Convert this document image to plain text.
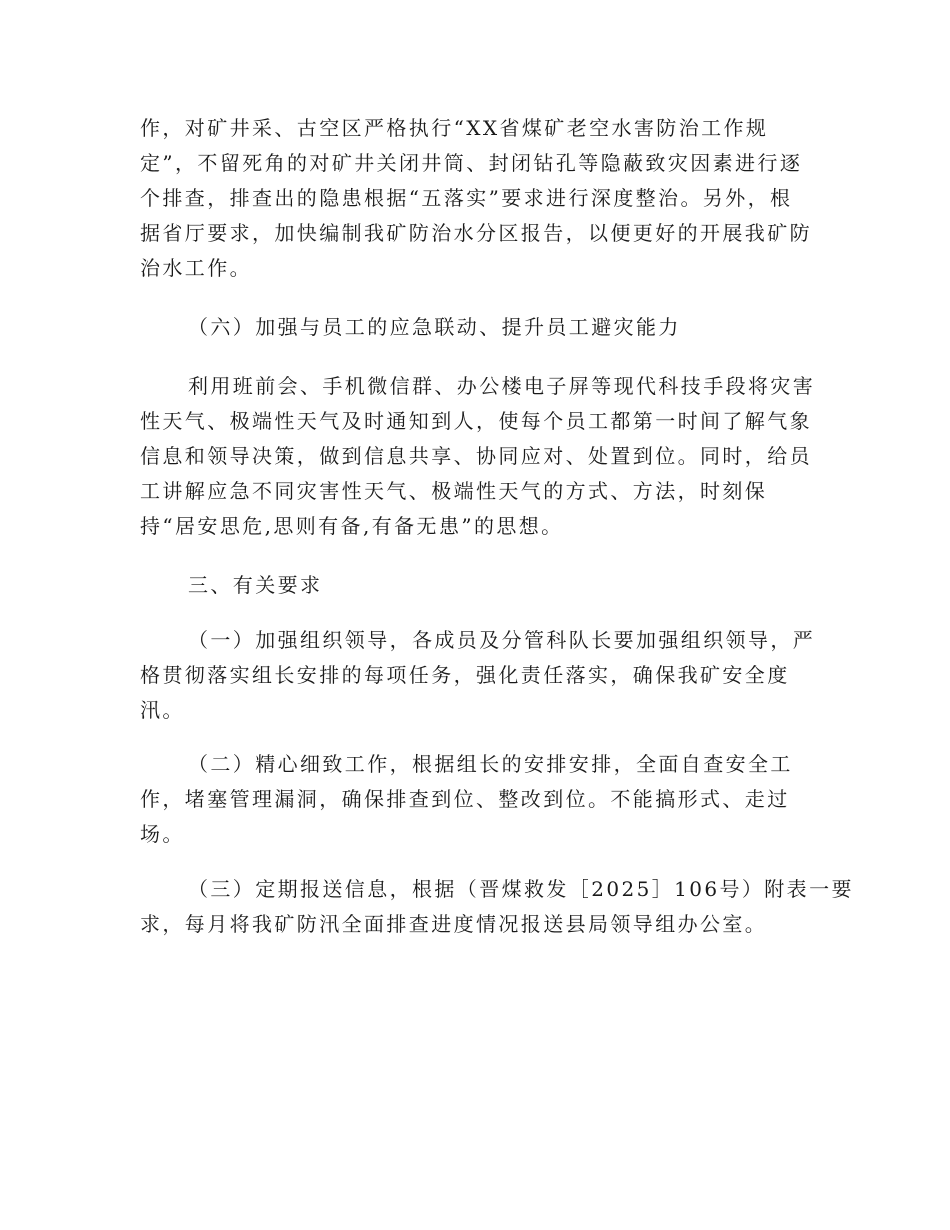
作，对矿井采、古空区严格执行“XX省煤矿老空水害防治工作规
定”，不留死角的对矿井关闭井筒、封闭钻孔等隐蔽致灾因素进行逐
个排查，排查出的隐患根据“五落实”要求进行深度整治。另外，根
据省厅要求，加快编制我矿防治水分区报告，以便更好的开展我矿防
治水工作。
（六）加强与员工的应急联动、提升员工避灾能力
利用班前会、手机微信群、办公楼电子屏等现代科技手段将灾害
性天气、极端性天气及时通知到人，使每个员工都第一时间了解气象
信息和领导决策，做到信息共享、协同应对、处置到位。同时，给员
工讲解应急不同灾害性天气、极端性天气的方式、方法，时刻保
持“居安思危,思则有备,有备无患”的思想。
三、有关要求
（一）加强组织领导，各成员及分管科队长要加强组织领导，严
格贯彻落实组长安排的每项任务，强化责任落实，确保我矿安全度
汛。
（二）精心细致工作，根据组长的安排安排，全面自查安全工
作，堵塞管理漏洞，确保排查到位、整改到位。不能搞形式、走过
场。
（三）定期报送信息，根据（晋煤救发［2025］106号）附表一要
求，每月将我矿防汛全面排查进度情况报送县局领导组办公室。
